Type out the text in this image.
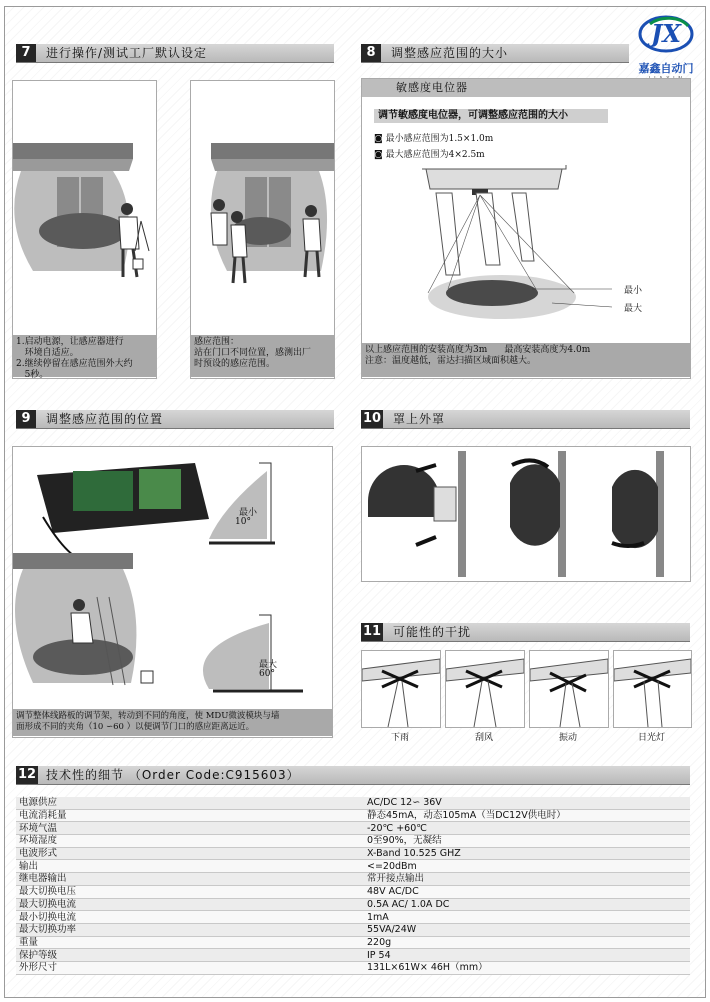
JX
嘉鑫自动门
7	进行操作/测试工厂默认设定
1.启动电源，让感应器进行
环境自适应。
2.继续停留在感应范围外大约
5秒。
感应范围：
站在门口不同位置，感测出厂
时预设的感应范围。
8	调整感应范围的大小
敏感度电位器
调节敏感度电位器，可调整感应范围的大小
◙ 最小感应范围为1.5×1.0m
◙ 最大感应范围为4×2.5m
最小
最大
以上感应范围的安装高度为3m      最高安装高度为4.0m
注意：温度越低，雷达扫描区域面积越大。
9	调整感应范围的位置
最小
10°
最大
60°
调节整体线路板的调节架，转动到不同的角度，使 MDU微波模块与墙
面形成不同的夹角（10 ∽60 ）以便调节门口的感应距离远近。
10 罩上外罩
11 可能性的干扰
下雨	刮风	振动	日光灯
12 技术性的细节 （Order Code:C915603）
电源供应	AC/DC 12∽ 36V
电流消耗量	静态45mA，动态105mA（当DC12V供电时）
环境气温	-20℃ +60℃
环境湿度	0至90%，无凝结
电波形式	X-Band 10.525 GHZ
输出	<=20dBm
继电器输出	常开接点输出
最大切换电压	48V AC/DC
最大切换电流	0.5A AC/ 1.0A DC
最小切换电流	1mA
最大切换功率	55VA/24W
重量	220g
保护等级	IP 54
外形尺寸	131L×61W× 46H（mm）
